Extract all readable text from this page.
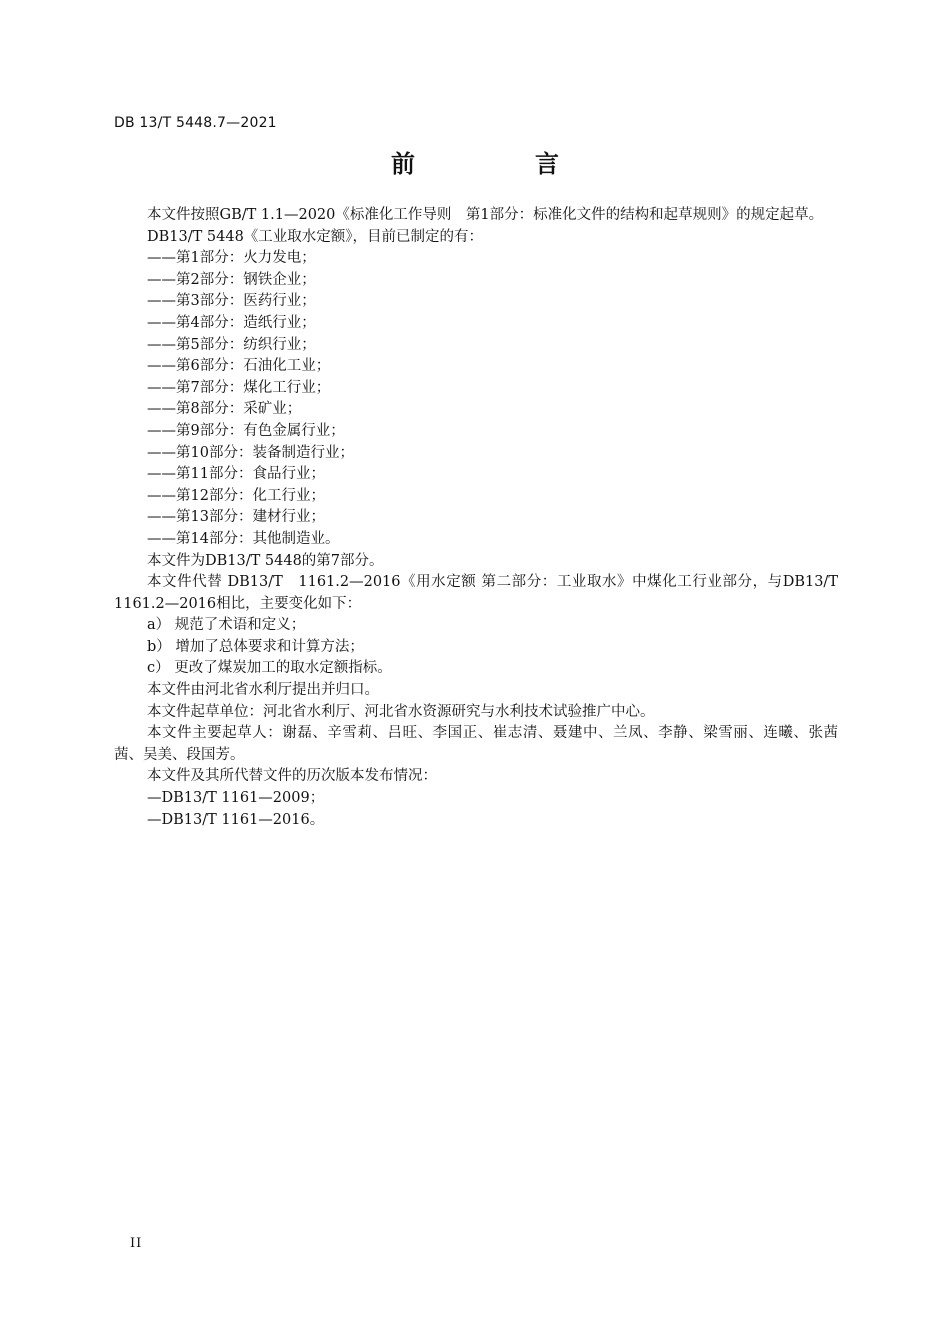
DB 13/T 5448.7—2021
前　言

本文件按照GB/T 1.1—2020《标准化工作导则　第1部分：标准化文件的结构和起草规则》的规定起草。

DB13/T 5448《工业取水定额》，目前已制定的有：

——第1部分：火力发电；

——第2部分：钢铁企业；

——第3部分：医药行业；

——第4部分：造纸行业；

——第5部分：纺织行业；

——第6部分：石油化工业；

——第7部分：煤化工行业；

——第8部分：采矿业；

——第9部分：有色金属行业；

——第10部分：装备制造行业；

——第11部分：食品行业；

——第12部分：化工行业；

——第13部分：建材行业；

——第14部分：其他制造业。

本文件为DB13/T 5448的第7部分。

本文件代替 DB13/T　1161.2—2016《用水定额 第二部分：工业取水》中煤化工行业部分，与DB13/T 1161.2—2016相比，主要变化如下：

a） 规范了术语和定义；

b） 增加了总体要求和计算方法；

c） 更改了煤炭加工的取水定额指标。

本文件由河北省水利厅提出并归口。

本文件起草单位：河北省水利厅、河北省水资源研究与水利技术试验推广中心。

本文件主要起草人：谢磊、辛雪莉、吕旺、李国正、崔志清、聂建中、兰凤、李静、梁雪丽、连曦、张茜茜、吴美、段国芳。

本文件及其所代替文件的历次版本发布情况：

—DB13/T 1161—2009；

—DB13/T 1161—2016。

II
